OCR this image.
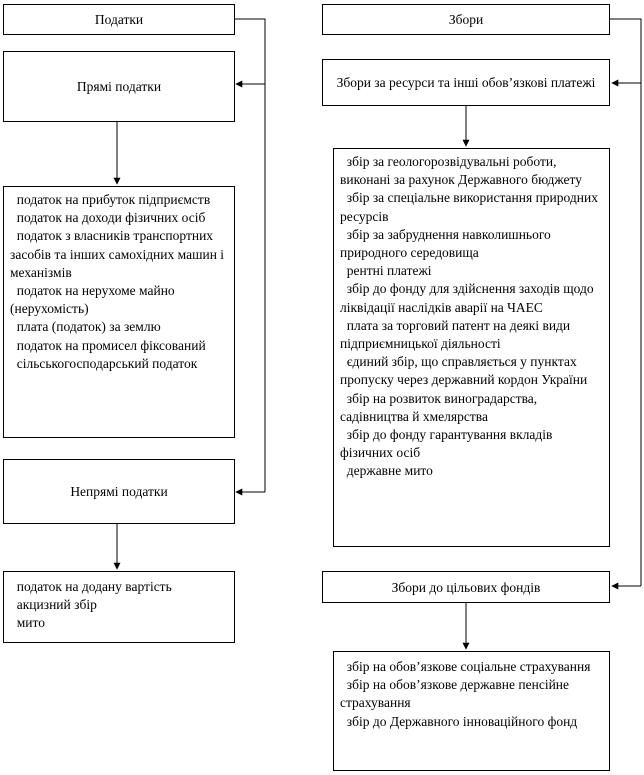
Податки
Прямі податки
податок на прибуток підприємств
податок на доходи фізичних осіб
податок з власників транспортних засобів та інших самохідних машин і механізмів
податок на нерухоме майно (нерухомість)
плата (податок) за землю
податок на промисел фіксований
сільськогосподарський податок
Непрямі податки
податок на додану вартість
акцизний збір
мито
Збори
Збори за ресурси та інші обов’язкові платежі
збір за геологорозвідувальні роботи, виконані за рахунок Державного бюджету
збір за спеціальне використання природних ресурсів
збір за забруднення навколишнього природного середовища
рентні платежі
збір до фонду для здійснення заходів щодо ліквідації наслідків аварії на ЧАЕС
плата за торговий патент на деякі види підприємницької діяльності
єдиний збір, що справляється у пунктах пропуску через державний кордон України
збір на розвиток виноградарства, садівництва й хмелярства
збір до фонду гарантування вкладів фізичних осіб
державне мито
Збори до цільових фондів
збір на обов’язкове соціальне страхування
збір на обов’язкове державне пенсійне страхування
збір до Державного інноваційного фонд
